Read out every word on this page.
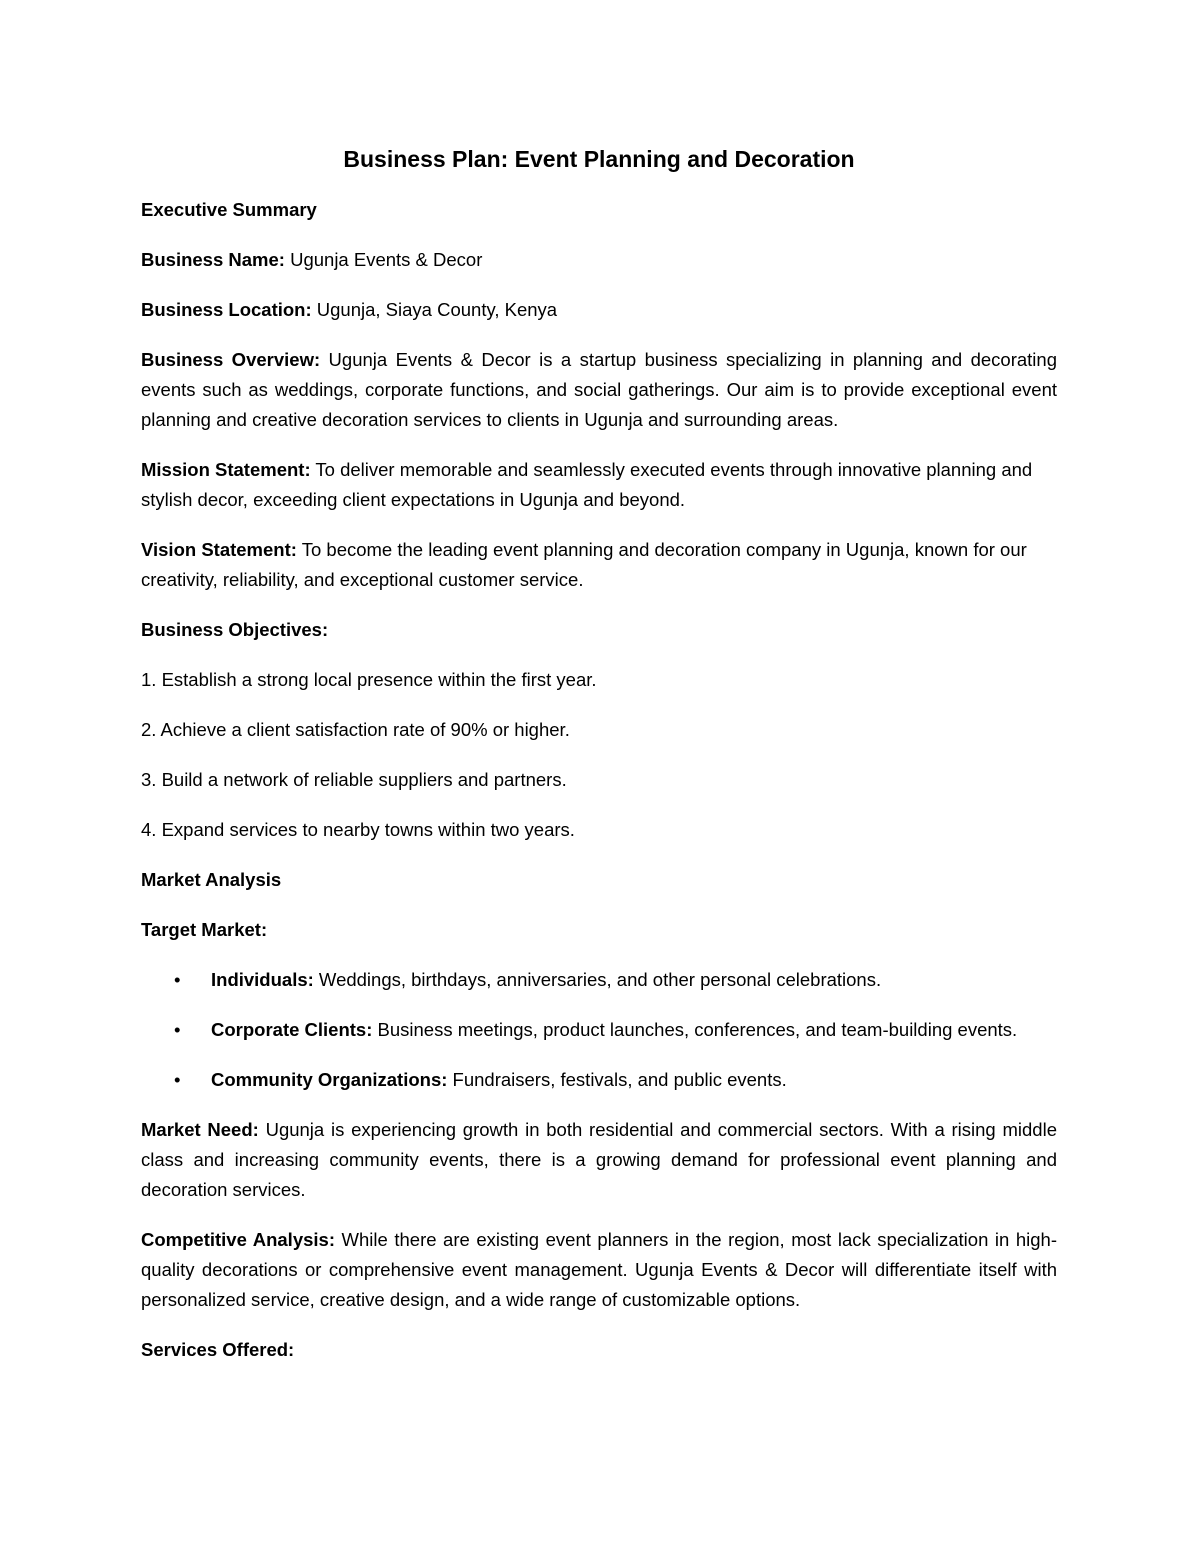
Business Plan: Event Planning and Decoration

Executive Summary

Business Name: Ugunja Events & Decor

Business Location: Ugunja, Siaya County, Kenya

Business Overview: Ugunja Events & Decor is a startup business specializing in planning and decorating events such as weddings, corporate functions, and social gatherings. Our aim is to provide exceptional event planning and creative decoration services to clients in Ugunja and surrounding areas.

Mission Statement: To deliver memorable and seamlessly executed events through innovative planning and stylish decor, exceeding client expectations in Ugunja and beyond.

Vision Statement: To become the leading event planning and decoration company in Ugunja, known for our creativity, reliability, and exceptional customer service.

Business Objectives:

1. Establish a strong local presence within the first year.

2. Achieve a client satisfaction rate of 90% or higher.

3. Build a network of reliable suppliers and partners.

4. Expand services to nearby towns within two years.

Market Analysis

Target Market:

• Individuals: Weddings, birthdays, anniversaries, and other personal celebrations.
• Corporate Clients: Business meetings, product launches, conferences, and team-building events.
• Community Organizations: Fundraisers, festivals, and public events.

Market Need: Ugunja is experiencing growth in both residential and commercial sectors. With a rising middle class and increasing community events, there is a growing demand for professional event planning and decoration services.

Competitive Analysis: While there are existing event planners in the region, most lack specialization in high-quality decorations or comprehensive event management. Ugunja Events & Decor will differentiate itself with personalized service, creative design, and a wide range of customizable options.

Services Offered:
